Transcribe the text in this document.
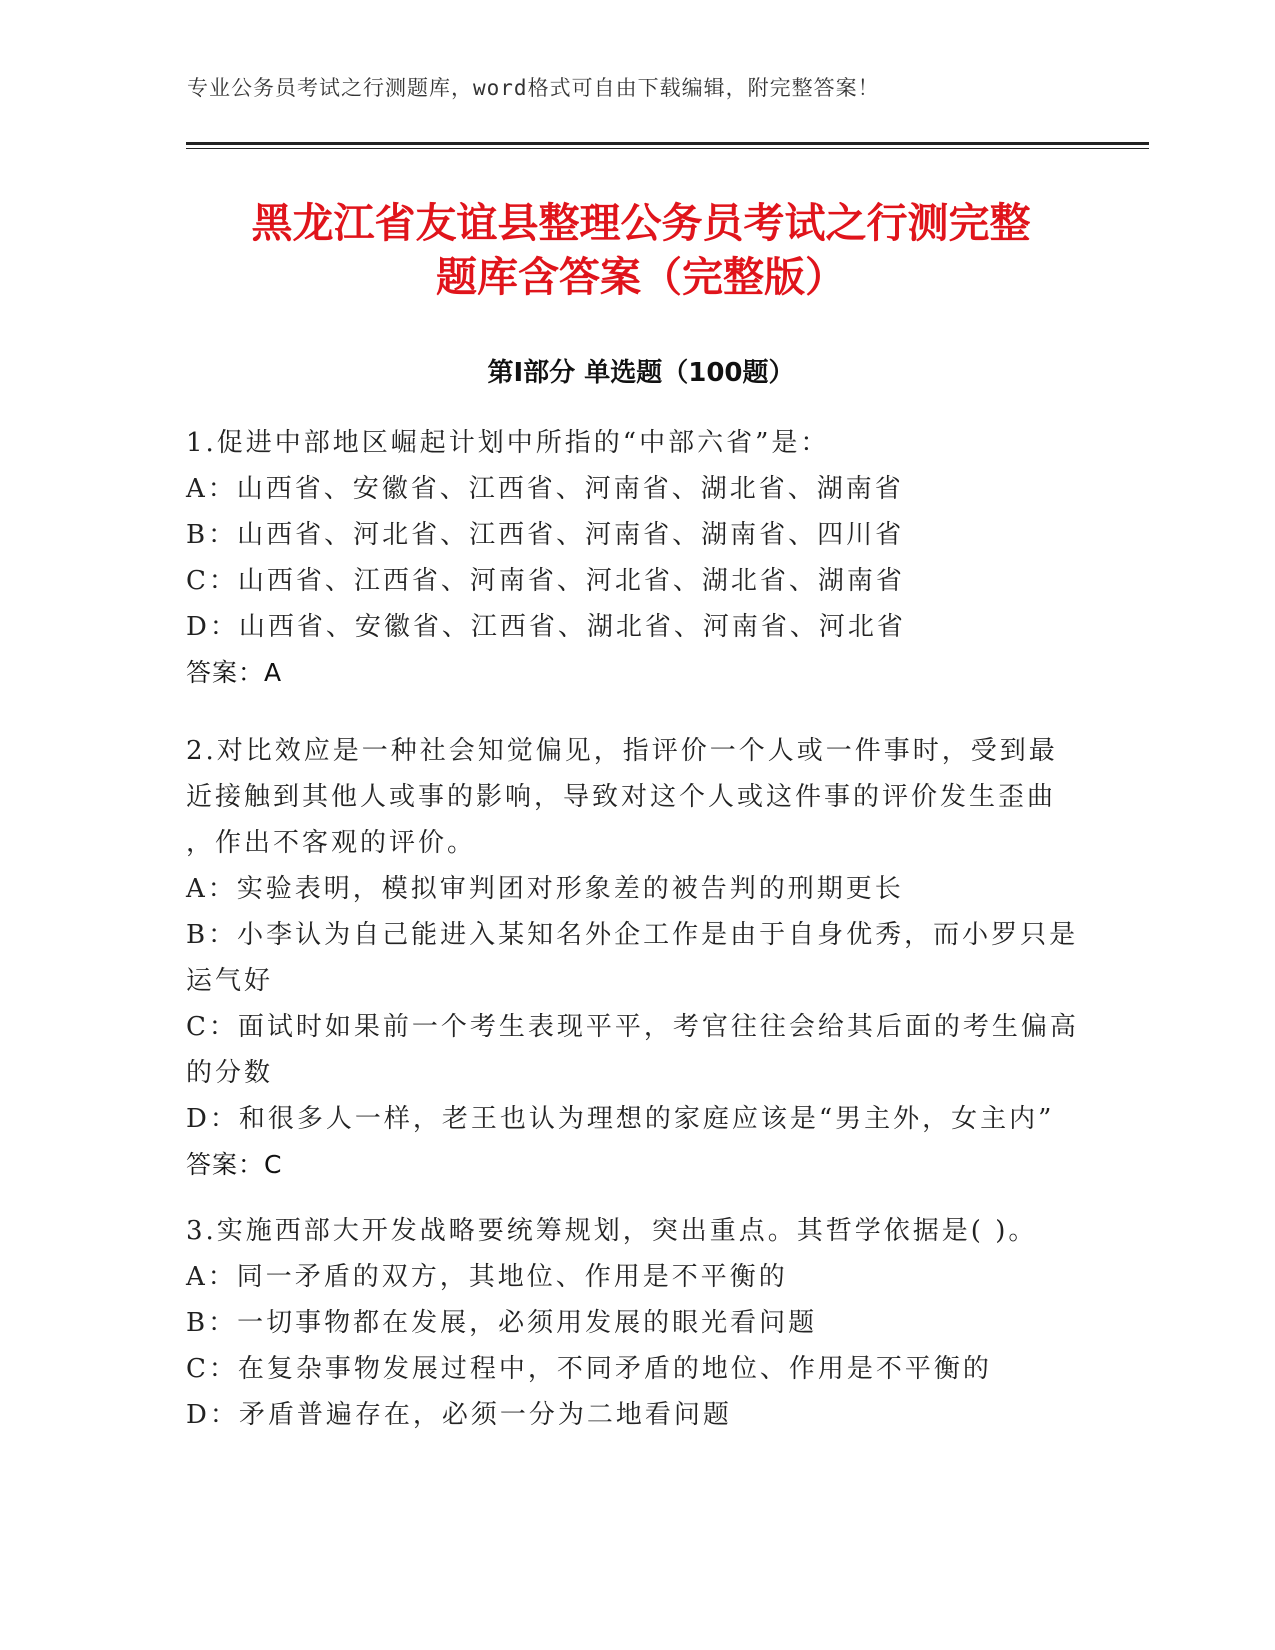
专业公务员考试之行测题库，word格式可自由下载编辑，附完整答案！
黑龙江省友谊县整理公务员考试之行测完整
题库含答案（完整版）
第Ⅰ部分 单选题（100题）
1.促进中部地区崛起计划中所指的“中部六省”是：
A：山西省、安徽省、江西省、河南省、湖北省、湖南省
B：山西省、河北省、江西省、河南省、湖南省、四川省
C：山西省、江西省、河南省、河北省、湖北省、湖南省
D：山西省、安徽省、江西省、湖北省、河南省、河北省
答案：A
2.对比效应是一种社会知觉偏见，指评价一个人或一件事时，受到最
近接触到其他人或事的影响，导致对这个人或这件事的评价发生歪曲
，作出不客观的评价。
A：实验表明，模拟审判团对形象差的被告判的刑期更长
B：小李认为自己能进入某知名外企工作是由于自身优秀，而小罗只是
运气好
C：面试时如果前一个考生表现平平，考官往往会给其后面的考生偏高
的分数
D：和很多人一样，老王也认为理想的家庭应该是“男主外，女主内”
答案：C
3.实施西部大开发战略要统筹规划，突出重点。其哲学依据是( )。
A：同一矛盾的双方，其地位、作用是不平衡的
B：一切事物都在发展，必须用发展的眼光看问题
C：在复杂事物发展过程中，不同矛盾的地位、作用是不平衡的
D：矛盾普遍存在，必须一分为二地看问题
